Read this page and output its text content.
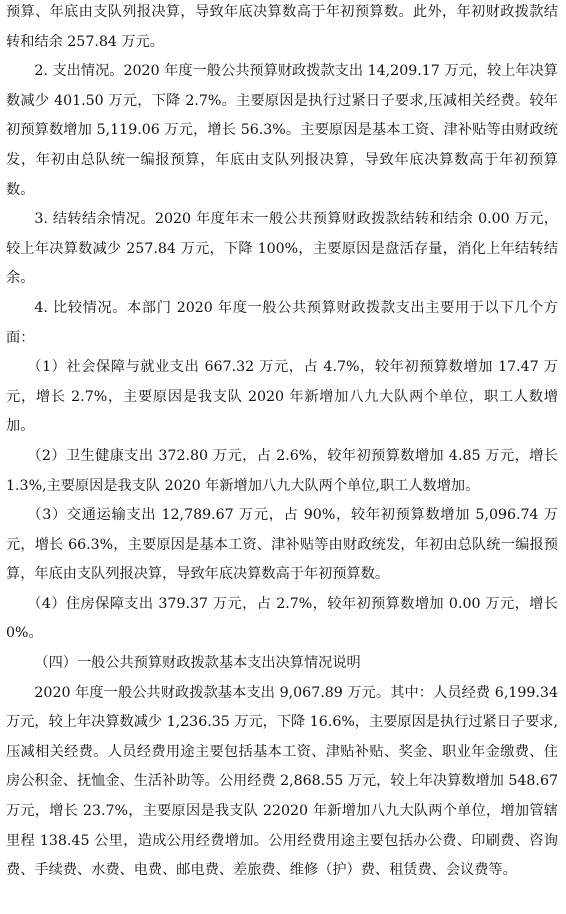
预算、年底由支队列报决算，导致年底决算数高于年初预算数。此外，年初财政拨款结转和结余 257.84 万元。

2. 支出情况。2020 年度一般公共预算财政拨款支出 14,209.17 万元，较上年决算数减少 401.50 万元，下降 2.7%。主要原因是执行过紧日子要求,压减相关经费。较年初预算数增加 5,119.06 万元，增长 56.3%。主要原因是基本工资、津补贴等由财政统发，年初由总队统一编报预算，年底由支队列报决算，导致年底决算数高于年初预算数。

3. 结转结余情况。2020 年度年末一般公共预算财政拨款结转和结余 0.00 万元，较上年决算数减少 257.84 万元，下降 100%，主要原因是盘活存量，消化上年结转结余。

4. 比较情况。本部门 2020 年度一般公共预算财政拨款支出主要用于以下几个方面：

（1）社会保障与就业支出 667.32 万元，占 4.7%，较年初预算数增加 17.47 万元，增长 2.7%，主要原因是我支队 2020 年新增加八九大队两个单位，职工人数增加。

（2）卫生健康支出 372.80 万元，占 2.6%，较年初预算数增加 4.85 万元，增长 1.3%,主要原因是我支队 2020 年新增加八九大队两个单位,职工人数增加。

（3）交通运输支出 12,789.67 万元，占 90%，较年初预算数增加 5,096.74 万元，增长 66.3%，主要原因是基本工资、津补贴等由财政统发，年初由总队统一编报预算，年底由支队列报决算，导致年底决算数高于年初预算数。

（4）住房保障支出 379.37 万元，占 2.7%，较年初预算数增加 0.00 万元，增长 0%。

（四）一般公共预算财政拨款基本支出决算情况说明

2020 年度一般公共财政拨款基本支出 9,067.89 万元。其中：人员经费 6,199.34 万元，较上年决算数减少 1,236.35 万元，下降 16.6%，主要原因是执行过紧日子要求,压减相关经费。人员经费用途主要包括基本工资、津贴补贴、奖金、职业年金缴费、住房公积金、抚恤金、生活补助等。公用经费 2,868.55 万元，较上年决算数增加 548.67 万元，增长 23.7%，主要原因是我支队 22020 年新增加八九大队两个单位，增加管辖里程 138.45 公里，造成公用经费增加。公用经费用途主要包括办公费、印刷费、咨询费、手续费、水费、电费、邮电费、差旅费、维修（护）费、租赁费、会议费等。
